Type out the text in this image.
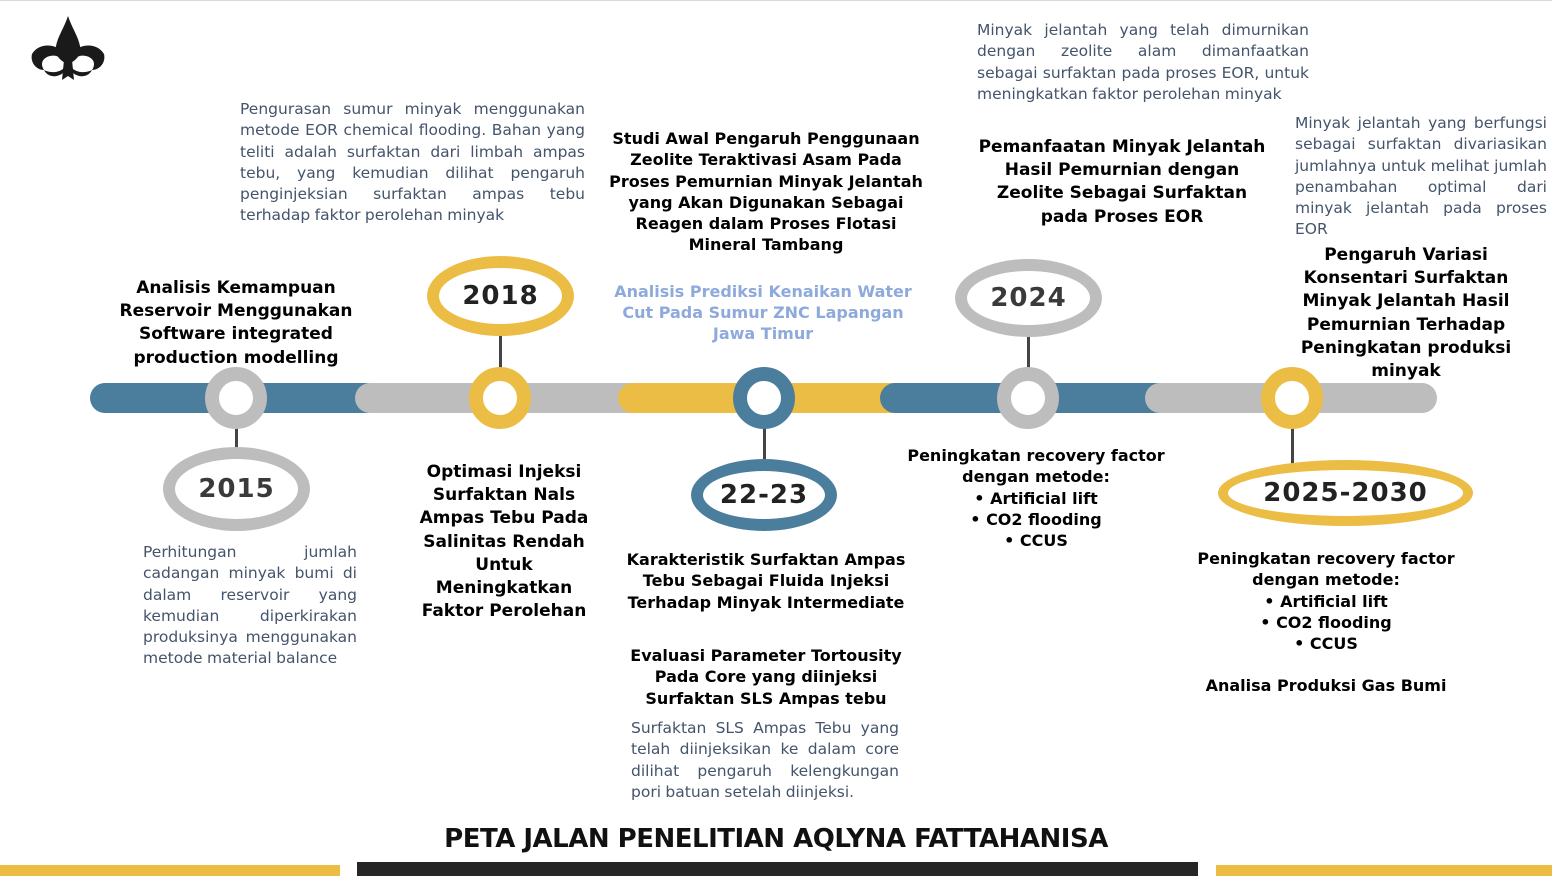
2015
2018
22-23
2024
2025-2030
Analisis Kemampuan Reservoir Menggunakan Software integrated production modelling
Perhitungan jumlah cadangan minyak bumi di dalam reservoir yang kemudian diperkirakan produksinya menggunakan metode material balance
Pengurasan sumur minyak menggunakan metode EOR chemical flooding. Bahan yang teliti adalah surfaktan dari limbah ampas tebu, yang kemudian dilihat pengaruh penginjeksian surfaktan ampas tebu terhadap faktor perolehan minyak
Optimasi Injeksi Surfaktan Nals Ampas Tebu Pada Salinitas Rendah Untuk Meningkatkan Faktor Perolehan
Studi Awal Pengaruh Penggunaan Zeolite Teraktivasi Asam Pada Proses Pemurnian Minyak Jelantah yang Akan Digunakan Sebagai Reagen dalam Proses Flotasi Mineral Tambang
Analisis Prediksi Kenaikan Water Cut Pada Sumur ZNC Lapangan Jawa Timur
Karakteristik Surfaktan Ampas Tebu Sebagai Fluida Injeksi Terhadap Minyak Intermediate
Evaluasi Parameter Tortousity Pada Core yang diinjeksi Surfaktan SLS Ampas tebu
Surfaktan SLS Ampas Tebu yang telah diinjeksikan ke dalam core dilihat pengaruh kelengkungan pori batuan setelah diinjeksi.
Minyak jelantah yang telah dimurnikan dengan zeolite alam dimanfaatkan sebagai surfaktan pada proses EOR, untuk meningkatkan faktor perolehan minyak
Pemanfaatan Minyak Jelantah Hasil Pemurnian dengan Zeolite Sebagai Surfaktan pada Proses EOR
Peningkatan recovery factor dengan metode:
• Artificial lift
• CO2 flooding
• CCUS
Minyak jelantah yang berfungsi sebagai surfaktan divariasikan jumlahnya untuk melihat jumlah penambahan optimal dari minyak jelantah pada proses EOR
Pengaruh Variasi Konsentari Surfaktan Minyak Jelantah Hasil Pemurnian Terhadap Peningkatan produksi minyak
Peningkatan recovery factor dengan metode:
• Artificial lift
• CO2 flooding
• CCUS
Analisa Produksi Gas Bumi
PETA JALAN PENELITIAN AQLYNA FATTAHANISA
